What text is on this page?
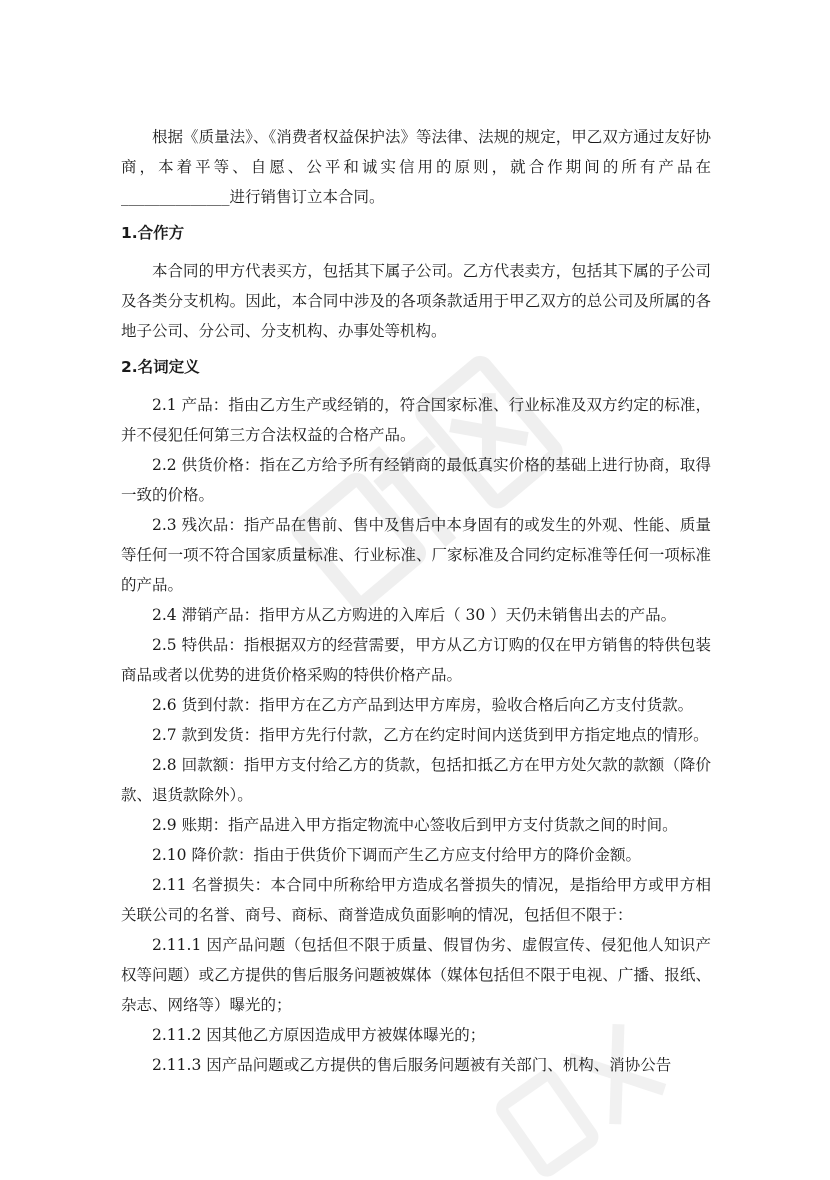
根据《质量法》、《消费者权益保护法》等法律、法规的规定，甲乙双方通过友好协商，本着平等、自愿、公平和诚实信用的原则，就合作期间的所有产品在______________进行销售订立本合同。

1.合作方

本合同的甲方代表买方，包括其下属子公司。乙方代表卖方，包括其下属的子公司及各类分支机构。因此，本合同中涉及的各项条款适用于甲乙双方的总公司及所属的各地子公司、分公司、分支机构、办事处等机构。

2.名词定义

2.1 产品：指由乙方生产或经销的，符合国家标准、行业标准及双方约定的标准，并不侵犯任何第三方合法权益的合格产品。

2.2 供货价格：指在乙方给予所有经销商的最低真实价格的基础上进行协商，取得一致的价格。

2.3 残次品：指产品在售前、售中及售后中本身固有的或发生的外观、性能、质量等任何一项不符合国家质量标准、行业标准、厂家标准及合同约定标准等任何一项标准的产品。

2.4 滞销产品：指甲方从乙方购进的入库后（ 30 ）天仍未销售出去的产品。

2.5 特供品：指根据双方的经营需要，甲方从乙方订购的仅在甲方销售的特供包装商品或者以优势的进货价格采购的特供价格产品。

2.6 货到付款：指甲方在乙方产品到达甲方库房，验收合格后向乙方支付货款。

2.7 款到发货：指甲方先行付款，乙方在约定时间内送货到甲方指定地点的情形。

2.8 回款额：指甲方支付给乙方的货款，包括扣抵乙方在甲方处欠款的款额（降价款、退货款除外）。

2.9 账期：指产品进入甲方指定物流中心签收后到甲方支付货款之间的时间。

2.10 降价款：指由于供货价下调而产生乙方应支付给甲方的降价金额。

2.11 名誉损失：本合同中所称给甲方造成名誉损失的情况，是指给甲方或甲方相关联公司的名誉、商号、商标、商誉造成负面影响的情况，包括但不限于：

2.11.1 因产品问题（包括但不限于质量、假冒伪劣、虚假宣传、侵犯他人知识产权等问题）或乙方提供的售后服务问题被媒体（媒体包括但不限于电视、广播、报纸、杂志、网络等）曝光的；

2.11.2 因其他乙方原因造成甲方被媒体曝光的；

2.11.3 因产品问题或乙方提供的售后服务问题被有关部门、机构、消协公告
